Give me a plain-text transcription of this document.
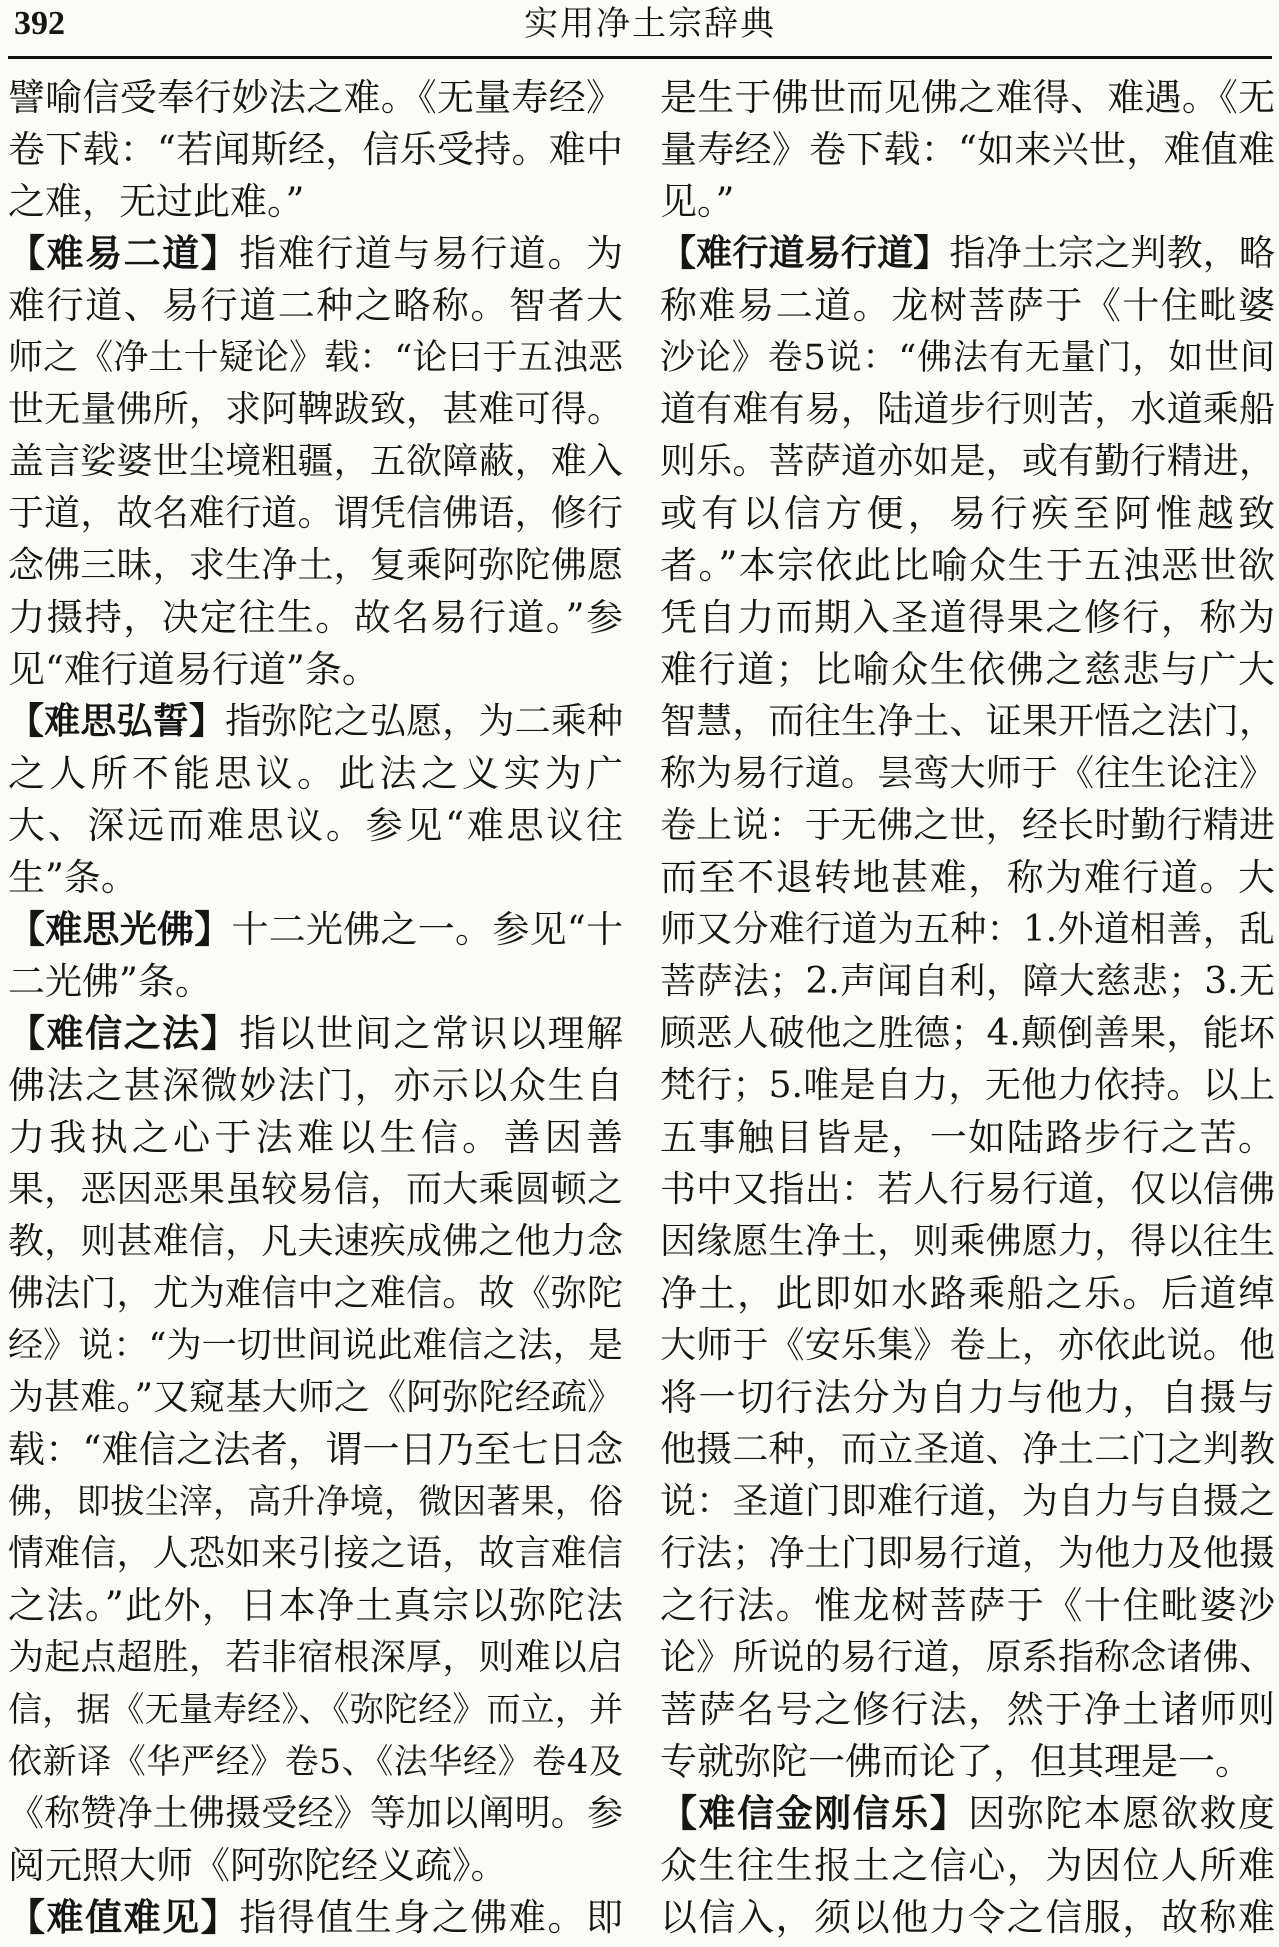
392	实用净土宗辞典
譬喻信受奉行妙法之难。《无量寿经》
卷下载：“若闻斯经，信乐受持。难中
之难，无过此难。”
【难易二道】指难行道与易行道。为
难行道、易行道二种之略称。智者大
师之《净土十疑论》载：“论曰于五浊恶
世无量佛所，求阿鞞跋致，甚难可得。
盖言娑婆世尘境粗疆，五欲障蔽，难入
于道，故名难行道。谓凭信佛语，修行
念佛三昧，求生净土，复乘阿弥陀佛愿
力摄持，决定往生。故名易行道。”参
见“难行道易行道”条。
【难思弘誓】指弥陀之弘愿，为二乘种
之人所不能思议。此法之义实为广
大、深远而难思议。参见“难思议往
生”条。
【难思光佛】十二光佛之一。参见“十
二光佛”条。
【难信之法】指以世间之常识以理解
佛法之甚深微妙法门，亦示以众生自
力我执之心于法难以生信。善因善
果，恶因恶果虽较易信，而大乘圆顿之
教，则甚难信，凡夫速疾成佛之他力念
佛法门，尤为难信中之难信。故《弥陀
经》说：“为一切世间说此难信之法，是
为甚难。”又窥基大师之《阿弥陀经疏》
载：“难信之法者，谓一日乃至七日念
佛，即拔尘滓，高升净境，微因著果，俗
情难信，人恐如来引接之语，故言难信
之法。”此外，日本净土真宗以弥陀法
为起点超胜，若非宿根深厚，则难以启
信，据《无量寿经》、《弥陀经》而立，并
依新译《华严经》卷5、《法华经》卷4及
《称赞净土佛摄受经》等加以阐明。参
阅元照大师《阿弥陀经义疏》。
【难值难见】指得值生身之佛难。即
是生于佛世而见佛之难得、难遇。《无
量寿经》卷下载：“如来兴世，难值难
见。”
【难行道易行道】指净土宗之判教，略
称难易二道。龙树菩萨于《十住毗婆
沙论》卷5说：“佛法有无量门，如世间
道有难有易，陆道步行则苦，水道乘船
则乐。菩萨道亦如是，或有勤行精进，
或有以信方便，易行疾至阿惟越致
者。”本宗依此比喻众生于五浊恶世欲
凭自力而期入圣道得果之修行，称为
难行道；比喻众生依佛之慈悲与广大
智慧，而往生净土、证果开悟之法门，
称为易行道。昙鸾大师于《往生论注》
卷上说：于无佛之世，经长时勤行精进
而至不退转地甚难，称为难行道。大
师又分难行道为五种：1.外道相善，乱
菩萨法；2.声闻自利，障大慈悲；3.无
顾恶人破他之胜德；4.颠倒善果，能坏
梵行；5.唯是自力，无他力依持。以上
五事触目皆是，一如陆路步行之苦。
书中又指出：若人行易行道，仅以信佛
因缘愿生净土，则乘佛愿力，得以往生
净土，此即如水路乘船之乐。后道绰
大师于《安乐集》卷上，亦依此说。他
将一切行法分为自力与他力，自摄与
他摄二种，而立圣道、净土二门之判教
说：圣道门即难行道，为自力与自摄之
行法；净土门即易行道，为他力及他摄
之行法。惟龙树菩萨于《十住毗婆沙
论》所说的易行道，原系指称念诸佛、
菩萨名号之修行法，然于净土诸师则
专就弥陀一佛而论了，但其理是一。
【难信金刚信乐】因弥陀本愿欲救度
众生往生报土之信心，为因位人所难
以信入，须以他力令之信服，故称难
